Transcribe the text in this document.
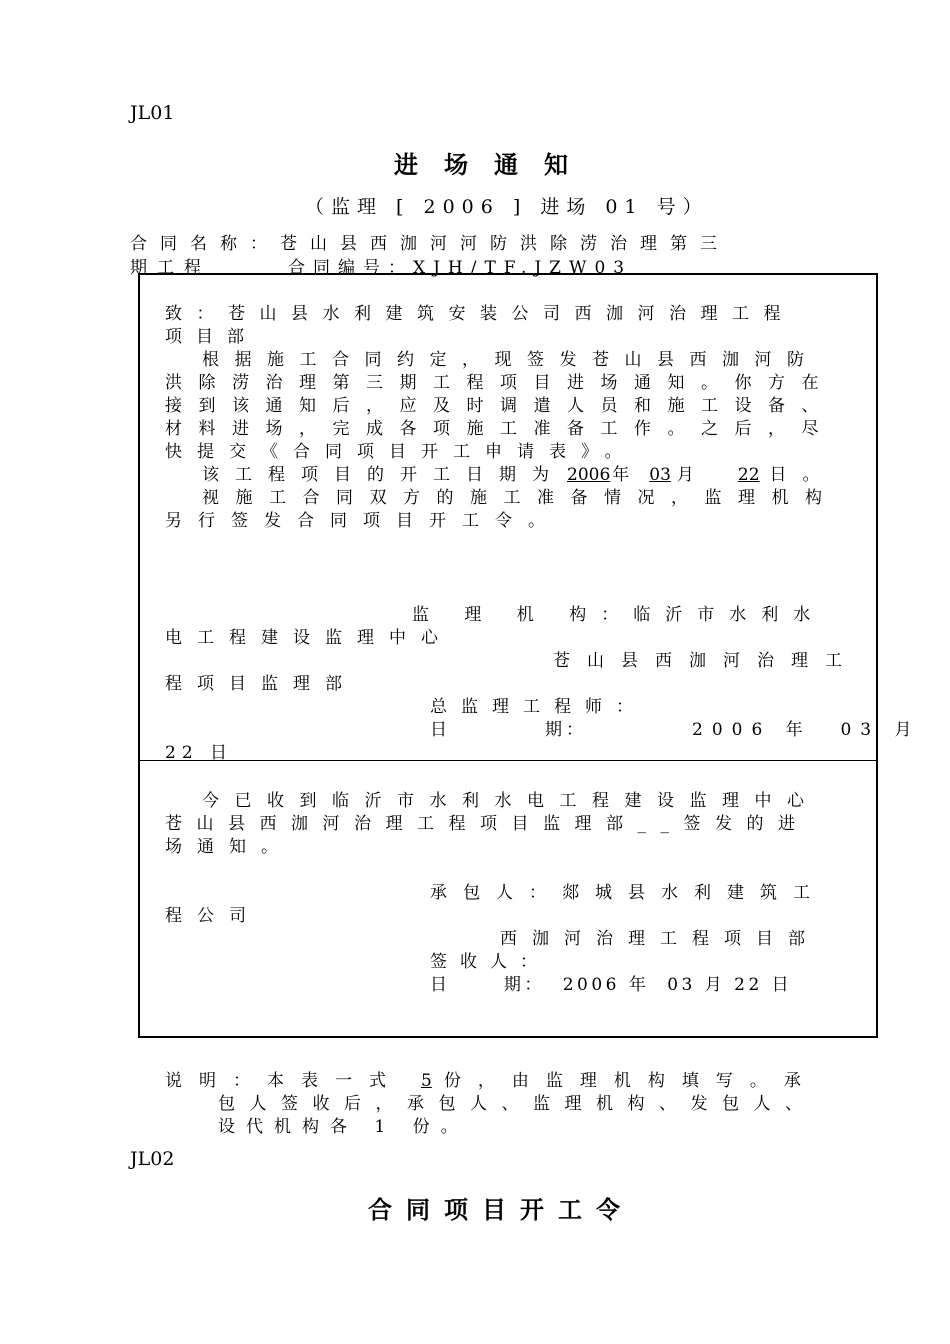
JL01
进场通知
（监理 [ 2006 ] 进场 01 号）
合同名称：苍山县西泇河河防洪除涝治理第三
期工程	合同编号：XJH/TF.JZW03
致：苍山县水利建筑安装公司西泇河治理工程
项目部
根据施工合同约定，现签发苍山县西泇河防
洪除涝治理第三期工程项目进场通知。你方在
接到该通知后，应及时调遣人员和施工设备、
材料进场，完成各项施工准备工作。之后，尽
快提交《合同项目开工申请表》。
该工程项目的开工日期为 2006 年 03 月 22 日。
视施工合同双方的施工准备情况，监理机构
另行签发合同项目开工令。
监 理 机 构：临沂市水利水
电工程建设监理中心
苍山县西泇河治理工
程项目监理部
总监理工程师：
日          期：	2006 年  03 月
22 日
今已收到临沂市水利水电工程建设监理中心
苍山县西泇河治理工程项目监理部__签发的进
场通知。
承包人：郯城县水利建筑工
程公司
西泇河治理工程项目部
签收人：
日      期：  2006 年  03 月 22 日
说明：本表一式 5 份，由监理机构填写。承
包人签收后，承包人、监理机构、发包人、
设代机构各 1 份。
JL02
合同项目开工令
